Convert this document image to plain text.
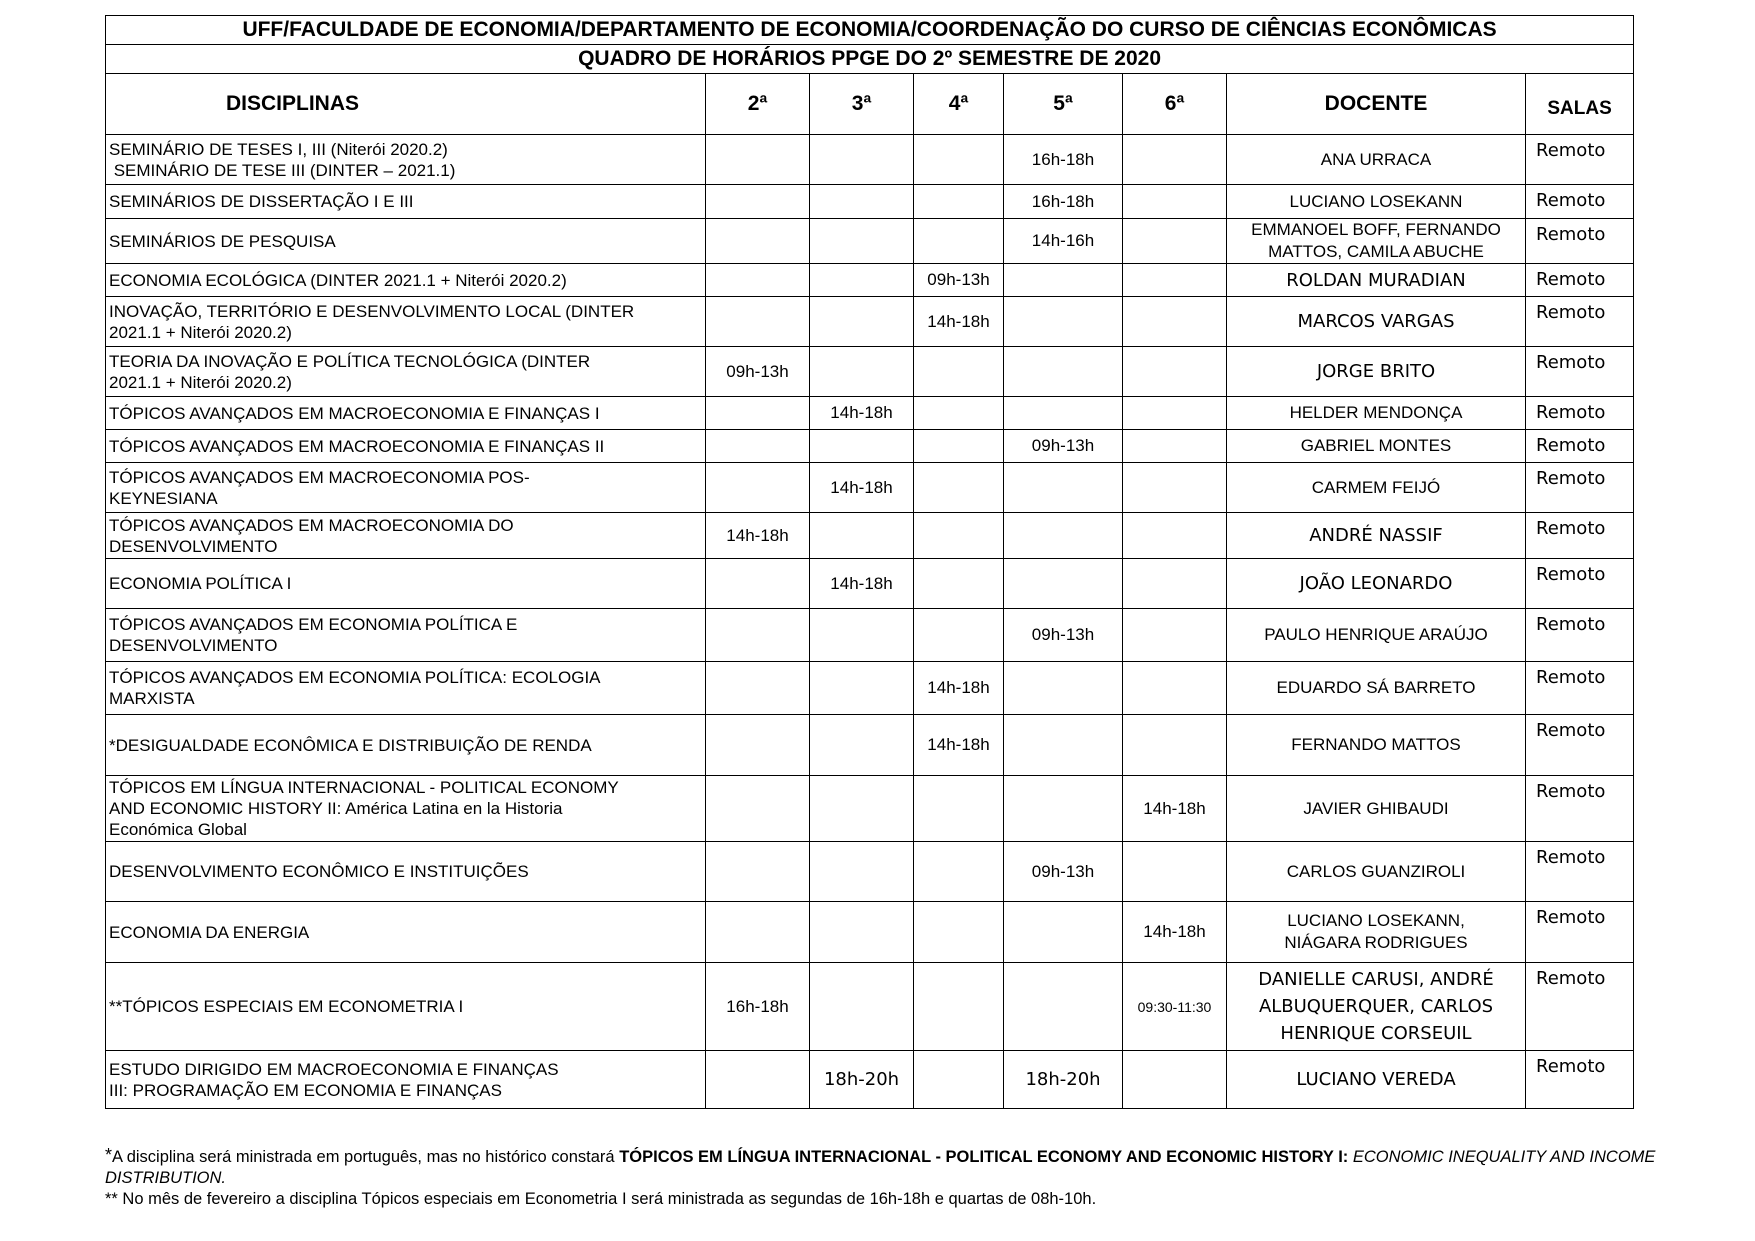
UFF/FACULDADE DE ECONOMIA/DEPARTAMENTO DE ECONOMIA/COORDENAÇÃO DO CURSO DE CIÊNCIAS ECONÔMICAS							
QUADRO DE HORÁRIOS PPGE DO 2º SEMESTRE DE 2020							
DISCIPLINAS	2ª	3ª	4ª	5ª	6ª	DOCENTE	SALAS

SEMINÁRIO DE TESES I, III (Niterói 2020.2)
SEMINÁRIO DE TESE III (DINTER – 2021.1)				16h-18h		ANA URRACA	Remoto

SEMINÁRIOS DE DISSERTAÇÃO I E III				16h-18h		LUCIANO LOSEKANN	Remoto

SEMINÁRIOS DE PESQUISA				14h-16h		EMMANOEL BOFF, FERNANDO
MATTOS, CAMILA ABUCHE	Remoto

ECONOMIA ECOLÓGICA (DINTER 2021.1 + Niterói 2020.2)			09h-13h			ROLDAN MURADIAN	Remoto

INOVAÇÃO, TERRITÓRIO E DESENVOLVIMENTO LOCAL (DINTER
2021.1 + Niterói 2020.2)			14h-18h			MARCOS VARGAS	Remoto

TEORIA DA INOVAÇÃO E POLÍTICA TECNOLÓGICA (DINTER
2021.1 + Niterói 2020.2)	09h-13h					JORGE BRITO	Remoto

TÓPICOS AVANÇADOS EM MACROECONOMIA E FINANÇAS I		14h-18h				HELDER MENDONÇA	Remoto

TÓPICOS AVANÇADOS EM MACROECONOMIA E FINANÇAS II				09h-13h		GABRIEL MONTES	Remoto

TÓPICOS AVANÇADOS EM MACROECONOMIA POS-
KEYNESIANA		14h-18h				CARMEM FEIJÓ	Remoto

TÓPICOS AVANÇADOS EM MACROECONOMIA DO
DESENVOLVIMENTO	14h-18h					ANDRÉ NASSIF	Remoto

ECONOMIA POLÍTICA I		14h-18h				JOÃO LEONARDO	Remoto

TÓPICOS AVANÇADOS EM ECONOMIA POLÍTICA E
DESENVOLVIMENTO				09h-13h		PAULO HENRIQUE ARAÚJO	Remoto

TÓPICOS AVANÇADOS EM ECONOMIA POLÍTICA: ECOLOGIA
MARXISTA			14h-18h			EDUARDO SÁ BARRETO	Remoto

*DESIGUALDADE ECONÔMICA E DISTRIBUIÇÃO DE RENDA			14h-18h			FERNANDO MATTOS	Remoto

TÓPICOS EM LÍNGUA INTERNACIONAL - POLITICAL ECONOMY
AND ECONOMIC HISTORY II: América Latina en la Historia
Económica Global					14h-18h	JAVIER GHIBAUDI	Remoto

DESENVOLVIMENTO ECONÔMICO E INSTITUIÇÕES				09h-13h		CARLOS GUANZIROLI	Remoto

ECONOMIA DA ENERGIA					14h-18h	LUCIANO LOSEKANN,
NIÁGARA RODRIGUES	Remoto

**TÓPICOS ESPECIAIS EM ECONOMETRIA I	16h-18h				09:30-11:30	DANIELLE CARUSI, ANDRÉ
ALBUQUERQUER, CARLOS
HENRIQUE CORSEUIL	Remoto

ESTUDO DIRIGIDO EM MACROECONOMIA E FINANÇAS
III: PROGRAMAÇÃO EM ECONOMIA E FINANÇAS		18h-20h		18h-20h		LUCIANO VEREDA	Remoto

*A disciplina será ministrada em português, mas no histórico constará TÓPICOS EM LÍNGUA INTERNACIONAL - POLITICAL ECONOMY AND ECONOMIC HISTORY I: ECONOMIC INEQUALITY AND INCOME DISTRIBUTION.

** No mês de fevereiro a disciplina Tópicos especiais em Econometria I será ministrada as segundas de 16h-18h e quartas de 08h-10h.
